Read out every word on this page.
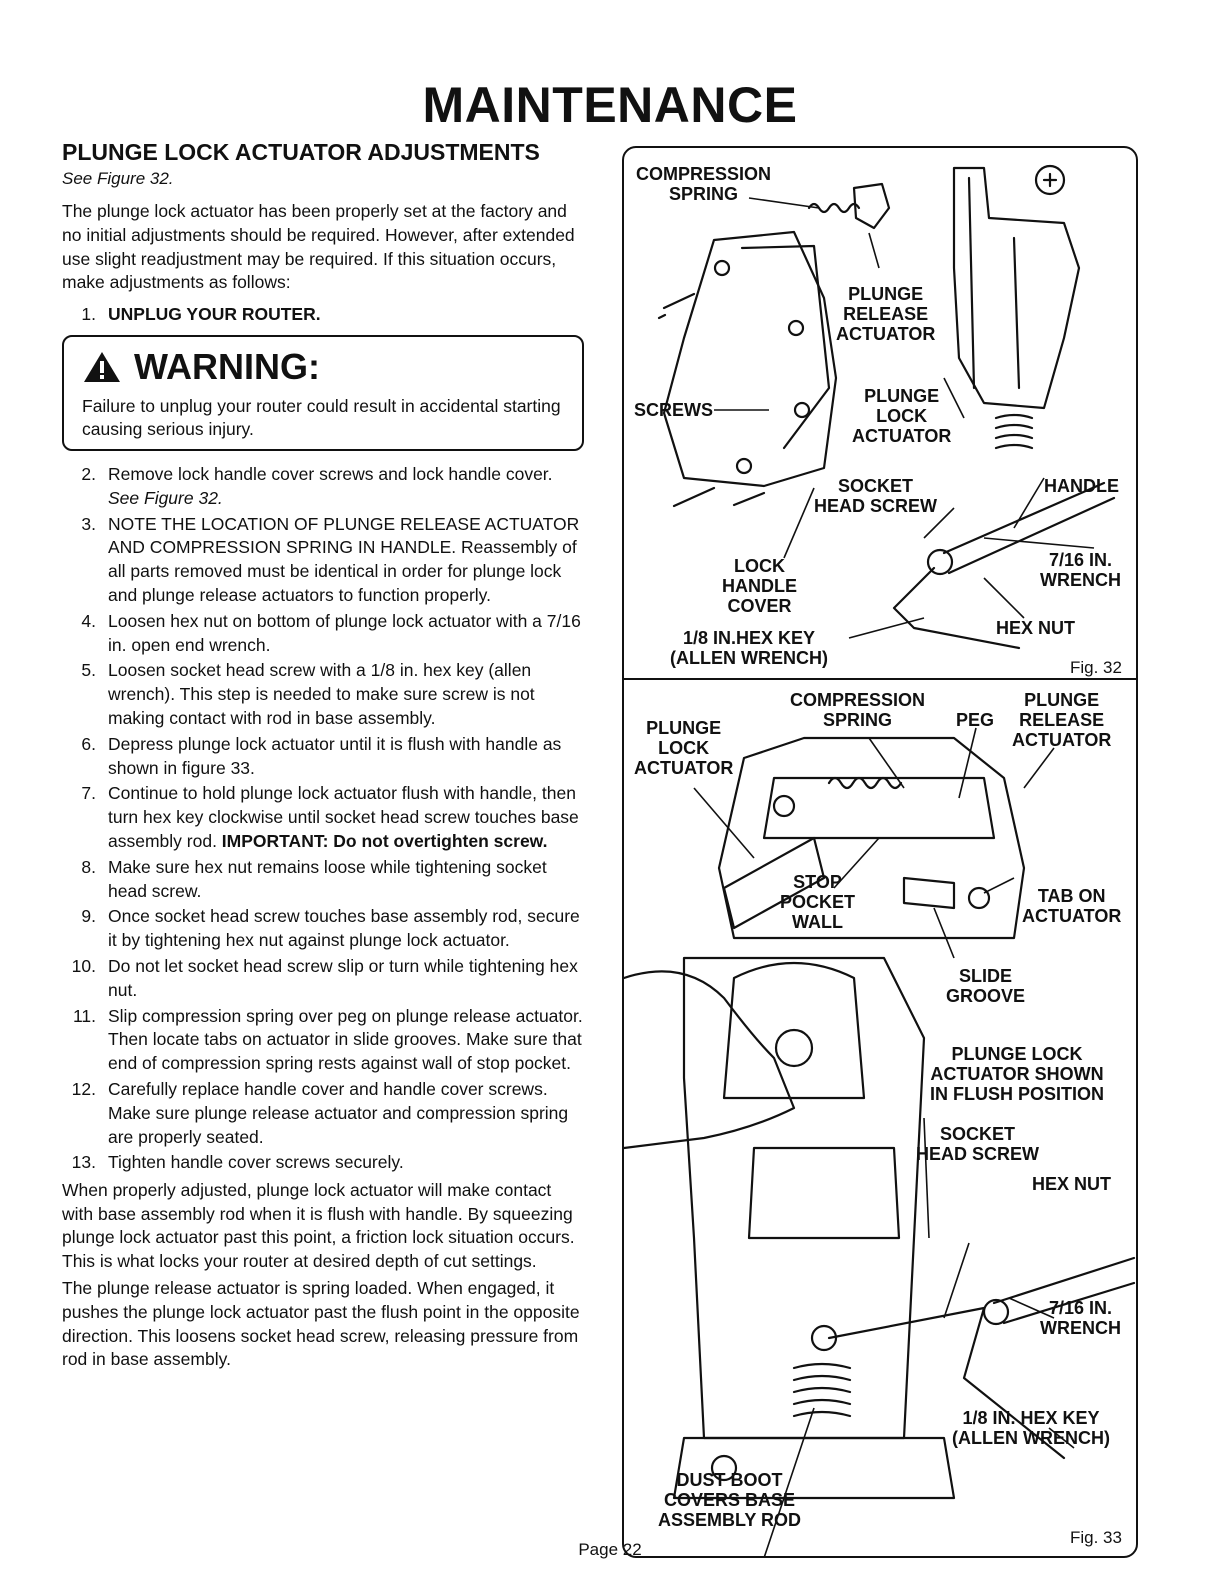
MAINTENANCE
PLUNGE LOCK ACTUATOR ADJUSTMENTS
See Figure 32.

The plunge lock actuator has been properly set at the factory and no initial adjustments should be required. However, after extended use slight readjustment may be required. If this situation occurs, make adjustments as follows:

1. UNPLUG YOUR ROUTER.
WARNING:

Failure to unplug your router could result in accidental starting causing serious injury.

2. Remove lock handle cover screws and lock handle cover. See Figure 32.
3. NOTE THE LOCATION OF PLUNGE RELEASE ACTUATOR AND COMPRESSION SPRING IN HANDLE. Reassembly of all parts removed must be identical in order for plunge lock and plunge release actuators to function properly.
4. Loosen hex nut on bottom of plunge lock actuator with a 7/16 in. open end wrench.
5. Loosen socket head screw with a 1/8 in. hex key (allen wrench). This step is needed to make sure screw is not making contact with rod in base assembly.
6. Depress plunge lock actuator until it is flush with handle as shown in figure 33.
7. Continue to hold plunge lock actuator flush with handle, then turn hex key clockwise until socket head screw touches base assembly rod. IMPORTANT: Do not overtighten screw.
8. Make sure hex nut remains loose while tightening socket head screw.
9. Once socket head screw touches base assembly rod, secure it by tightening hex nut against plunge lock actuator.
10. Do not let socket head screw slip or turn while tightening hex nut.
11. Slip compression spring over peg on plunge release actuator. Then locate tabs on actuator in slide grooves. Make sure that end of compression spring rests against wall of stop pocket.
12. Carefully replace handle cover and handle cover screws. Make sure plunge release actuator and compression spring are properly seated.
13. Tighten handle cover screws securely.

When properly adjusted, plunge lock actuator will make contact with base assembly rod when it is flush with handle. By squeezing plunge lock actuator past this point, a friction lock situation occurs. This is what locks your router at desired depth of cut settings.

The plunge release actuator is spring loaded. When engaged, it pushes the plunge lock actuator past the flush point in the opposite direction. This loosens socket head screw, releasing pressure from rod in base assembly.

COMPRESSION
SPRING
PLUNGE
RELEASE
ACTUATOR
SCREWS
PLUNGE
LOCK
ACTUATOR
SOCKET
HEAD SCREW
HANDLE
LOCK
HANDLE
COVER
7/16 IN.
WRENCH
HEX NUT
1/8 IN.HEX KEY
(ALLEN WRENCH)	Fig. 32
COMPRESSION
SPRING	PEG
PLUNGE
RELEASE
ACTUATOR
PLUNGE
LOCK
ACTUATOR
STOP
POCKET
WALL
TAB ON
ACTUATOR
SLIDE
GROOVE
PLUNGE LOCK
ACTUATOR SHOWN
IN FLUSH POSITION
SOCKET
HEAD SCREW
HEX NUT
7/16 IN.
WRENCH
1/8 IN. HEX KEY
(ALLEN WRENCH)
DUST BOOT
COVERS BASE
ASSEMBLY ROD
Fig. 33
Page 22
